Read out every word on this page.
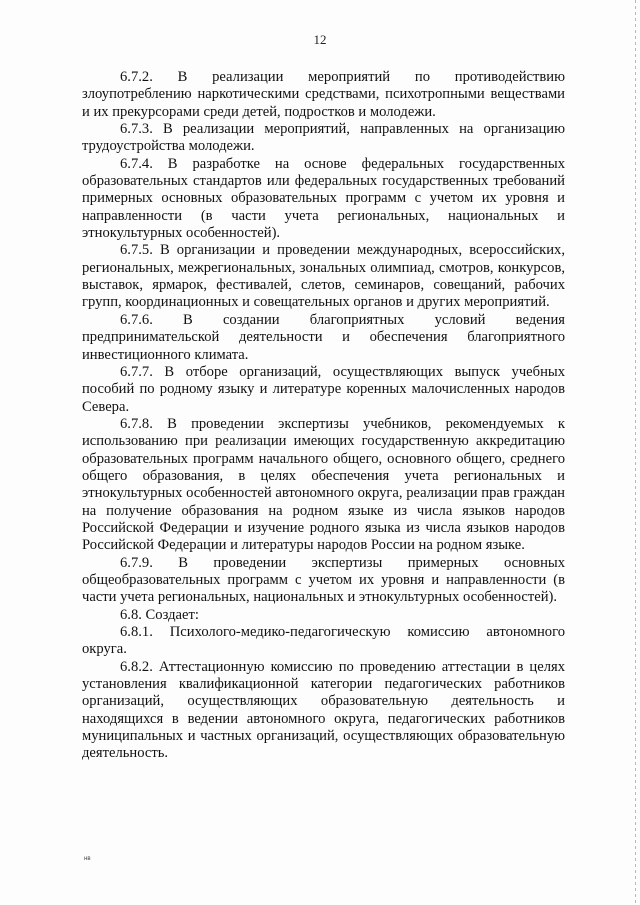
12

6.7.2. В реализации мероприятий по противодействию злоупотреблению наркотическими средствами, психотропными веществами и их прекурсорами среди детей, подростков и молодежи.

6.7.3. В реализации мероприятий, направленных на организацию трудоустройства молодежи.

6.7.4. В разработке на основе федеральных государственных образовательных стандартов или федеральных государственных требований примерных основных образовательных программ с учетом их уровня и направленности (в части учета региональных, национальных и этнокультурных особенностей).

6.7.5. В организации и проведении международных, всероссийских, региональных, межрегиональных, зональных олимпиад, смотров, конкурсов, выставок, ярмарок, фестивалей, слетов, семинаров, совещаний, рабочих групп, координационных и совещательных органов и других мероприятий.

6.7.6. В создании благоприятных условий ведения предпринимательской деятельности и обеспечения благоприятного инвестиционного климата.

6.7.7. В отборе организаций, осуществляющих выпуск учебных пособий по родному языку и литературе коренных малочисленных народов Севера.

6.7.8. В проведении экспертизы учебников, рекомендуемых к использованию при реализации имеющих государственную аккредитацию образовательных программ начального общего, основного общего, среднего общего образования, в целях обеспечения учета региональных и этнокультурных особенностей автономного округа, реализации прав граждан на получение образования на родном языке из числа языков народов Российской Федерации и изучение родного языка из числа языков народов Российской Федерации и литературы народов России на родном языке.

6.7.9. В проведении экспертизы примерных основных общеобразовательных программ с учетом их уровня и направленности (в части учета региональных, национальных и этнокультурных особенностей).

6.8. Создает:

6.8.1. Психолого-медико-педагогическую комиссию автономного округа.

6.8.2. Аттестационную комиссию по проведению аттестации в целях установления квалификационной категории педагогических работников организаций, осуществляющих образовательную деятельность и находящихся в ведении автономного округа, педагогических работников муниципальных и частных организаций, осуществляющих образовательную деятельность.

нв
